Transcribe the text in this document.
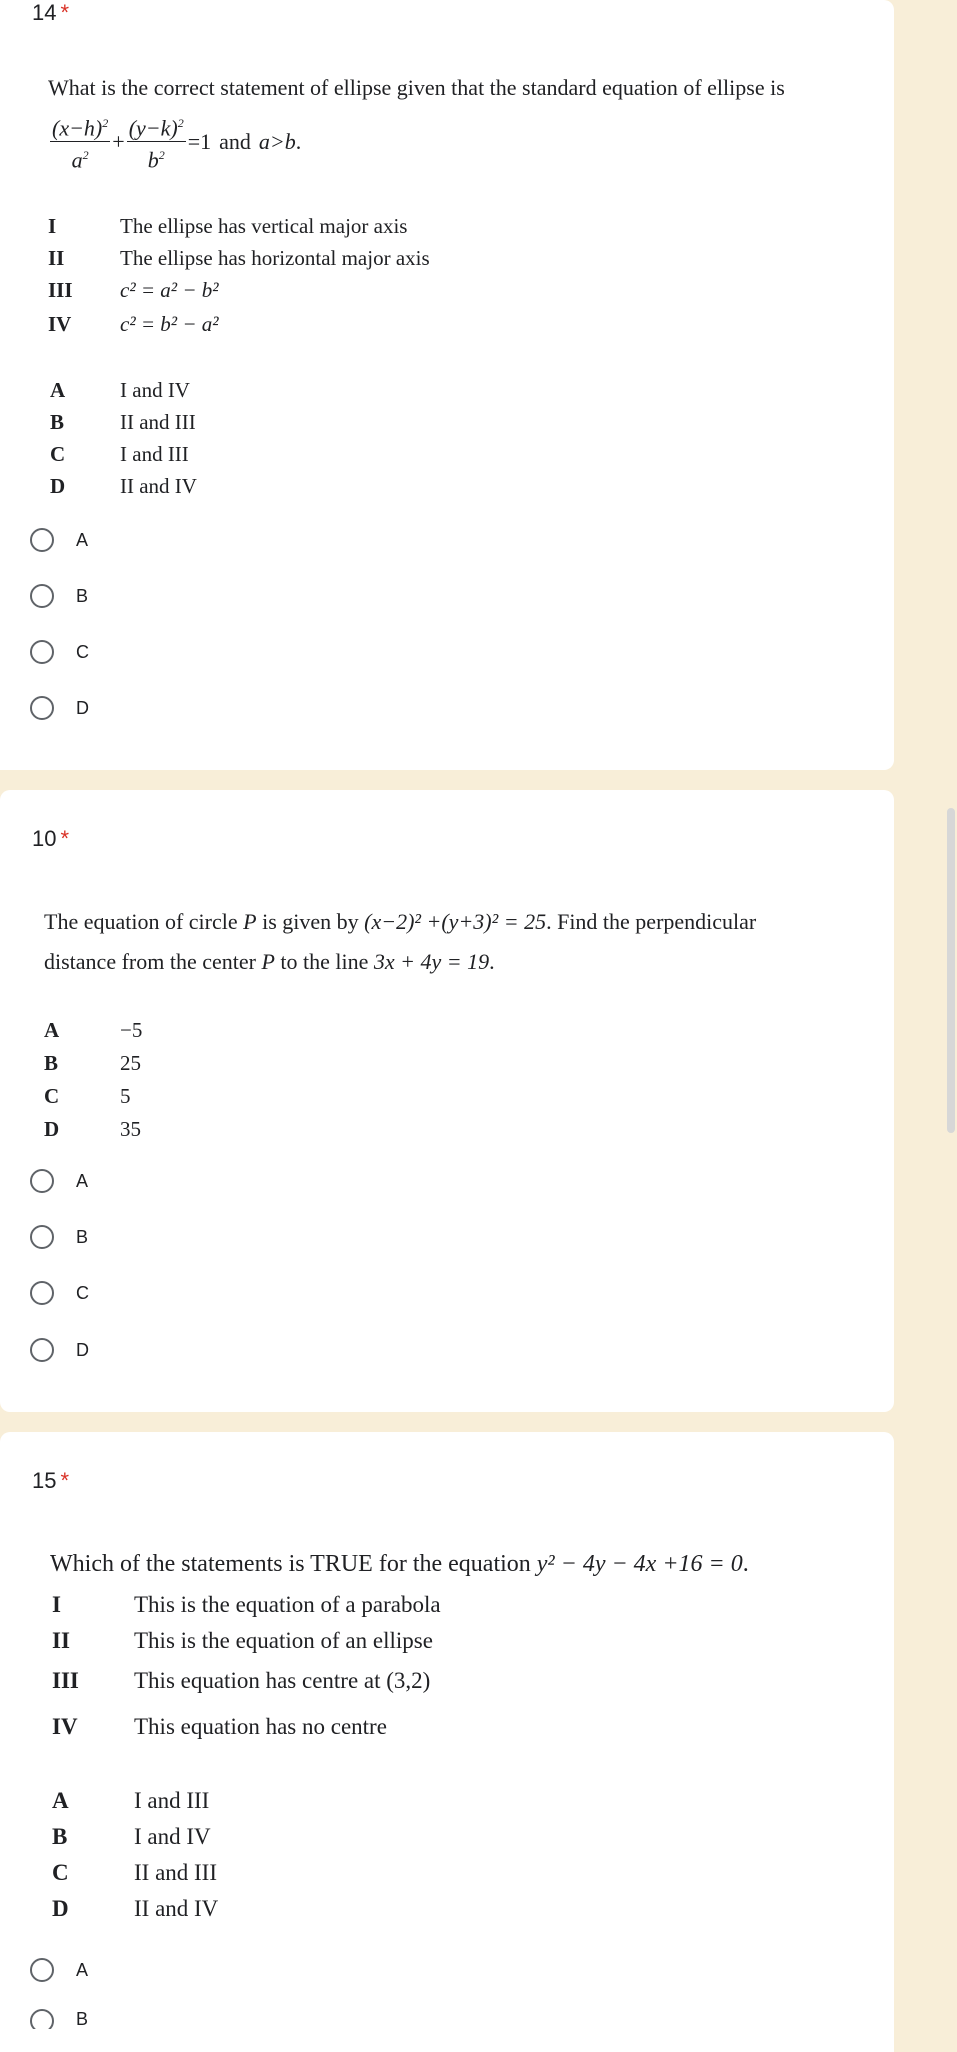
14 *
What is the correct statement of ellipse given that the standard equation of ellipse is
$\frac{(x-h)^2}{a^2} + \frac{(y-k)^2}{b^2} =1$ and a>b .
I	The ellipse has vertical major axis
II	The ellipse has horizontal major axis
III c² = a² − b²
IV c² = b² − a²
A	I and IV
B	II and III
C	I and III
D	II and IV
A
B
C
D
10 *
The equation of circle P is given by (x−2)² +(y+3)² = 25. Find the perpendicular
distance from the center P to the line 3x + 4y = 19.
A	−5
B	25
C	5
D	35
A
B
C
D
15 *
Which of the statements is TRUE for the equation y² − 4y − 4x +16 = 0.
I	This is the equation of a parabola
II	This is the equation of an ellipse
III This equation has centre at (3,2)
IV This equation has no centre
A	I and III
B	I and IV
C	II and III
D	II and IV
A
B
